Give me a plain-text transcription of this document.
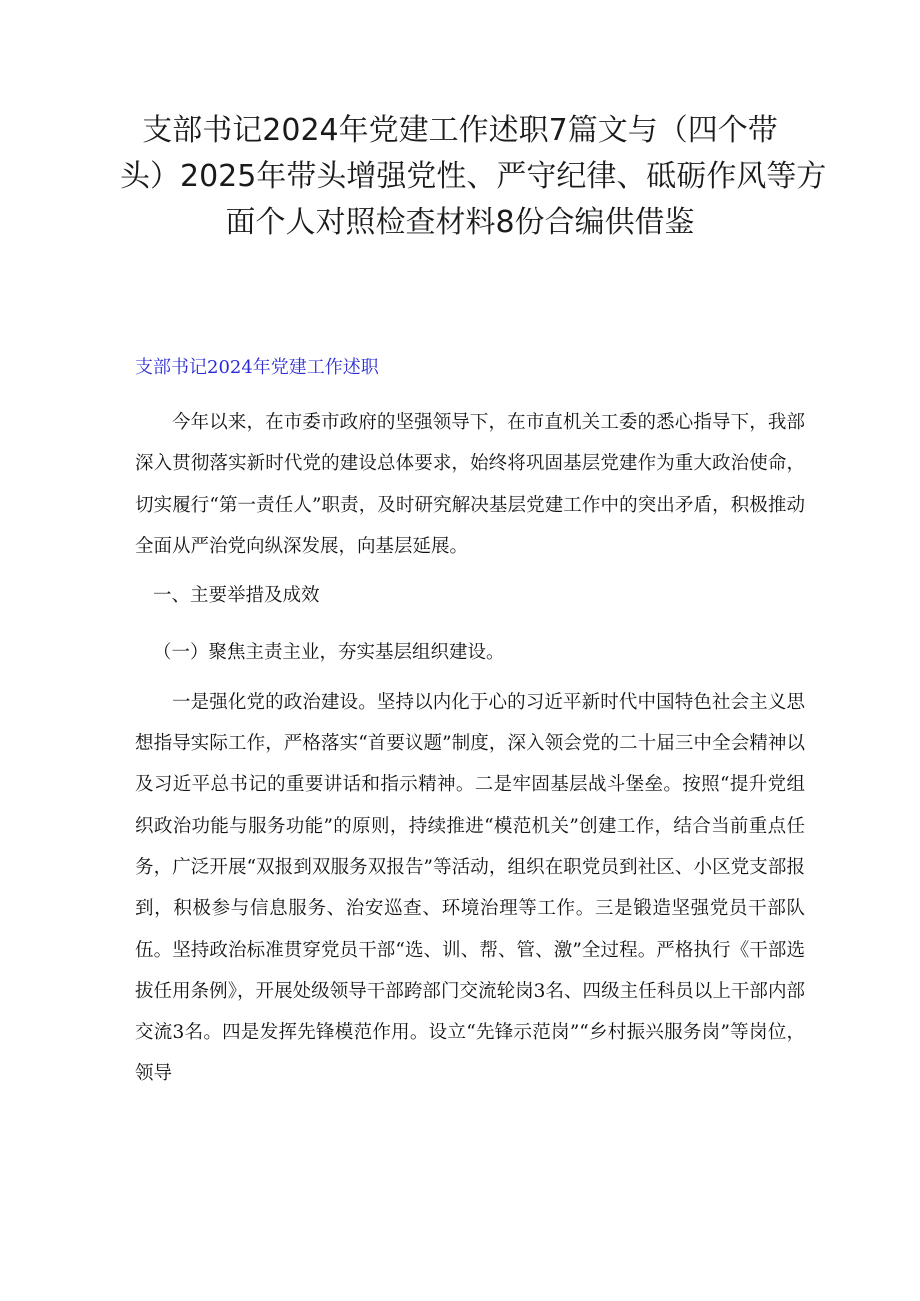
支部书记2024年党建工作述职7篇文与（四个带
头）2025年带头增强党性、严守纪律、砥砺作风等方
面个人对照检查材料8份合编供借鉴
支部书记2024年党建工作述职

今年以来，在市委市政府的坚强领导下，在市直机关工委的悉心指导下，我部深入贯彻落实新时代党的建设总体要求，始终将巩固基层党建作为重大政治使命，切实履行“第一责任人”职责，及时研究解决基层党建工作中的突出矛盾，积极推动全面从严治党向纵深发展，向基层延展。

一、主要举措及成效

（一）聚焦主责主业，夯实基层组织建设。

一是强化党的政治建设。坚持以内化于心的习近平新时代中国特色社会主义思想指导实际工作，严格落实“首要议题”制度，深入领会党的二十届三中全会精神以及习近平总书记的重要讲话和指示精神。二是牢固基层战斗堡垒。按照“提升党组织政治功能与服务功能”的原则，持续推进“模范机关”创建工作，结合当前重点任务，广泛开展“双报到双服务双报告”等活动，组织在职党员到社区、小区党支部报到，积极参与信息服务、治安巡查、环境治理等工作。三是锻造坚强党员干部队伍。坚持政治标准贯穿党员干部“选、训、帮、管、激”全过程。严格执行《干部选拔任用条例》，开展处级领导干部跨部门交流轮岗3名、四级主任科员以上干部内部交流3名。四是发挥先锋模范作用。设立“先锋示范岗”“乡村振兴服务岗”等岗位，领导
